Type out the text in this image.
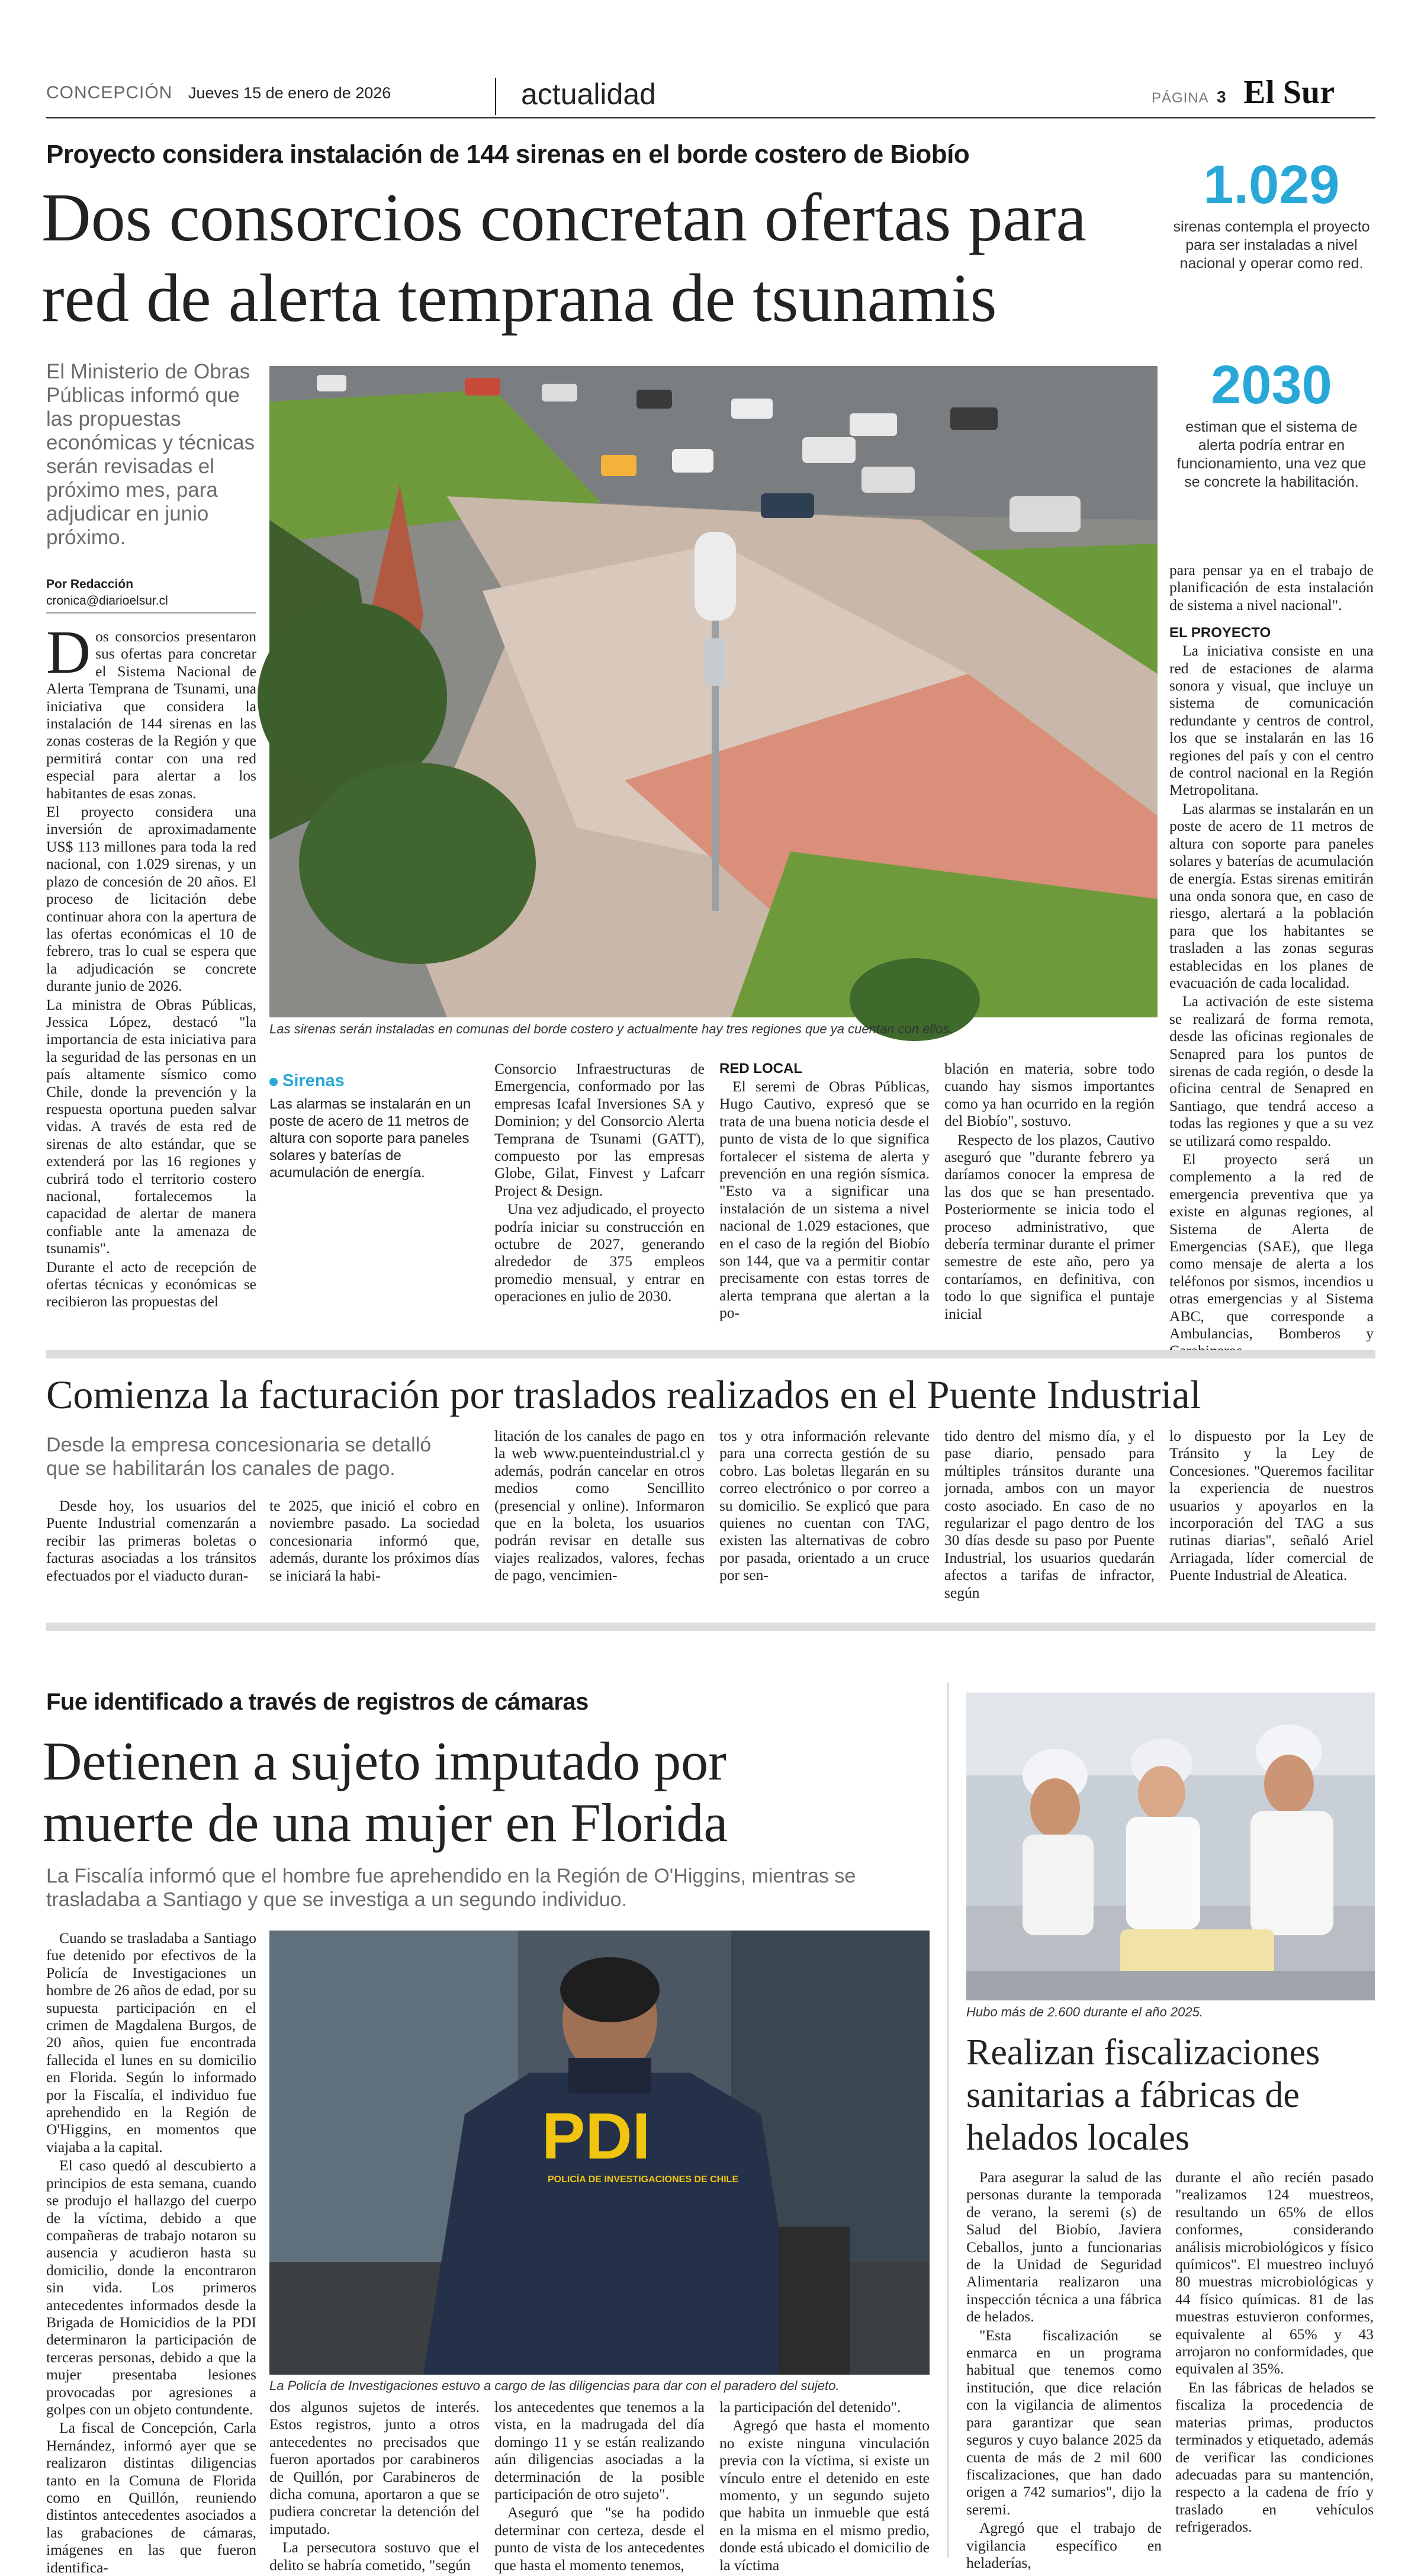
CONCEPCIÓN Jueves 15 de enero de 2026	actualidad	PÁGINA 3 El Sur
Proyecto considera instalación de 144 sirenas en el borde costero de Biobío
Dos consorcios concretan ofertas para
red de alerta temprana de tsunamis
1.029
sirenas contempla el proyecto para ser instaladas a nivel nacional y operar como red.
2030
estiman que el sistema de alerta podría entrar en funcionamiento, una vez que se concrete la habilitación.
El Ministerio de Obras Públicas informó que las propuestas económicas y técnicas serán revisadas el próximo mes, para adjudicar en junio próximo.
Por Redacción
cronica@diarioelsur.cl
Las sirenas serán instaladas en comunas del borde costero y actualmente hay tres regiones que ya cuentan con ellos.

Dos consorcios presentaron sus ofertas para concretar el Sistema Nacional de Alerta Temprana de Tsunami, una iniciativa que considera la instalación de 144 sirenas en las zonas costeras de la Región y que permitirá contar con una red especial para alertar a los habitantes de esas zonas.

El proyecto considera una inversión de aproximadamente US$ 113 millones para toda la red nacional, con 1.029 sirenas, y un plazo de concesión de 20 años. El proceso de licitación debe continuar ahora con la apertura de las ofertas económicas el 10 de febrero, tras lo cual se espera que la adjudicación se concrete durante junio de 2026.

La ministra de Obras Públicas, Jessica López, destacó "la importancia de esta iniciativa para la seguridad de las personas en un país altamente sísmico como Chile, donde la prevención y la respuesta oportuna pueden salvar vidas. A través de esta red de sirenas de alto estándar, que se extenderá por las 16 regiones y cubrirá todo el territorio costero nacional, fortalecemos la capacidad de alertar de manera confiable ante la amenaza de tsunamis".

Durante el acto de recepción de ofertas técnicas y económicas se recibieron las propuestas del

Sirenas
Las alarmas se instalarán en un poste de acero de 11 metros de altura con soporte para paneles solares y baterías de acumulación de energía.

Consorcio Infraestructuras de Emergencia, conformado por las empresas Icafal Inversiones SA y Dominion; y del Consorcio Alerta Temprana de Tsunami (GATT), compuesto por las empresas Globe, Gilat, Finvest y Lafcarr Project & Design.

Una vez adjudicado, el proyecto podría iniciar su construcción en octubre de 2027, generando alrededor de 375 empleos promedio mensual, y entrar en operaciones en julio de 2030.

RED LOCAL

El seremi de Obras Públicas, Hugo Cautivo, expresó que se trata de una buena noticia desde el punto de vista de lo que significa fortalecer el sistema de alerta y prevención en una región sísmica. "Esto va a significar una instalación de un sistema a nivel nacional de 1.029 estaciones, que en el caso de la región del Biobío son 144, que va a permitir contar precisamente con estas torres de alerta temprana que alertan a la po-

blación en materia, sobre todo cuando hay sismos importantes como ya han ocurrido en la región del Biobío", sostuvo.

Respecto de los plazos, Cautivo aseguró que "durante febrero ya daríamos conocer la empresa de las dos que se han presentado. Posteriormente se inicia todo el proceso administrativo, que debería terminar durante el primer semestre de este año, pero ya contaríamos, en definitiva, con todo lo que significa el puntaje inicial

para pensar ya en el trabajo de planificación de esta instalación de sistema a nivel nacional".

EL PROYECTO

La iniciativa consiste en una red de estaciones de alarma sonora y visual, que incluye un sistema de comunicación redundante y centros de control, los que se instalarán en las 16 regiones del país y con el centro de control nacional en la Región Metropolitana.

Las alarmas se instalarán en un poste de acero de 11 metros de altura con soporte para paneles solares y baterías de acumulación de energía. Estas sirenas emitirán una onda sonora que, en caso de riesgo, alertará a la población para que los habitantes se trasladen a las zonas seguras establecidas en los planes de evacuación de cada localidad.

La activación de este sistema se realizará de forma remota, desde las oficinas regionales de Senapred para los puntos de sirenas de cada región, o desde la oficina central de Senapred en Santiago, que tendrá acceso a todas las regiones y que a su vez se utilizará como respaldo.

El proyecto será un complemento a la red de emergencia preventiva que ya existe en algunas regiones, al Sistema de Alerta de Emergencias (SAE), que llega como mensaje de alerta a los teléfonos por sismos, incendios u otras emergencias y al Sistema ABC, que corresponde a Ambulancias, Bomberos y

Comienza la facturación por traslados realizados en el Puente Industrial
Desde la empresa concesionaria se detalló que se habilitarán los canales de pago.
Desde hoy, los usuarios del Puente Industrial comenzarán a recibir las primeras boletas o facturas asociadas a los tránsitos efectuados por el viaducto duran-
te 2025, que inició el cobro en noviembre pasado. La sociedad concesionaria informó que, además, durante los próximos días se iniciará la habi-
litación de los canales de pago en la web www.puenteindustrial.cl y además, podrán cancelar en otros medios como Sencillito (presencial y online). Informaron que en la boleta, los usuarios podrán revisar en detalle sus viajes realizados, valores, fechas de pago, vencimien-
tos y otra información relevante para una correcta gestión de su cobro. Las boletas llegarán en su correo electrónico o por correo a su domicilio. Se explicó que para quienes no cuentan con TAG, existen las alternativas de cobro por pasada, orientado a un cruce por sen-
tido dentro del mismo día, y el pase diario, pensado para múltiples tránsitos durante una jornada, ambos con un mayor costo asociado. En caso de no regularizar el pago dentro de los 30 días desde su paso por Puente Industrial, los usuarios quedarán afectos a tarifas de infractor, según
lo dispuesto por la Ley de Tránsito y la Ley de Concesiones. "Queremos facilitar la experiencia de nuestros usuarios y apoyarlos en la incorporación del TAG a sus rutinas diarias", señaló Ariel Arriagada, líder comercial de Puente Industrial de Aleatica.
Fue identificado a través de registros de cámaras
Detienen a sujeto imputado por
muerte de una mujer en Florida
La Fiscalía informó que el hombre fue aprehendido en la Región de O'Higgins, mientras se trasladaba a Santiago y que se investiga a un segundo individuo.
PDI
POLICÍA DE INVESTIGACIONES DE CHILE
La Policía de Investigaciones estuvo a cargo de las diligencias para dar con el paradero del sujeto.

Cuando se trasladaba a Santiago fue detenido por efectivos de la Policía de Investigaciones un hombre de 26 años de edad, por su supuesta participación en el crimen de Magdalena Burgos, de 20 años, quien fue encontrada fallecida el lunes en su domicilio en Florida. Según lo informado por la Fiscalía, el individuo fue aprehendido en la Región de O'Higgins, en momentos que viajaba a la capital.

El caso quedó al descubierto a principios de esta semana, cuando se produjo el hallazgo del cuerpo de la víctima, debido a que compañeras de trabajo notaron su ausencia y acudieron hasta su domicilio, donde la encontraron sin vida. Los primeros antecedentes informados desde la Brigada de Homicidios de la PDI determinaron la participación de terceras personas, debido a que la mujer presentaba lesiones provocadas por agresiones a golpes con un objeto contundente.

La fiscal de Concepción, Carla Hernández, informó ayer que se realizaron distintas diligencias tanto en la Comuna de Florida como en Quillón, reuniendo distintos antecedentes asociados a las grabaciones de cámaras, imágenes en las que fueron identifica-

dos algunos sujetos de interés. Estos registros, junto a otros antecedentes no precisados que fueron aportados por carabineros de Quillón, por Carabineros de dicha comuna, aportaron a que se pudiera concretar la detención del imputado.

La persecutora sostuvo que el delito se habría cometido, "según

los antecedentes que tenemos a la vista, en la madrugada del día domingo 11 y se están realizando aún diligencias asociadas a la determinación de la posible participación de otro sujeto".

Aseguró que "se ha podido determinar con certeza, desde el punto de vista de los antecedentes que hasta el momento tenemos,

la participación del detenido".

Agregó que hasta el momento no existe ninguna vinculación previa con la víctima, si existe un vínculo entre el detenido en este momento, y un segundo sujeto que habita un inmueble que está en la misma en el mismo predio, donde está ubicado el domicilio de la víctima

Hubo más de 2.600 durante el año 2025.
Realizan fiscalizaciones
sanitarias a fábricas de
helados locales

Para asegurar la salud de las personas durante la temporada de verano, la seremi (s) de Salud del Biobío, Javiera Ceballos, junto a funcionarias de la Unidad de Seguridad Alimentaria realizaron una inspección técnica a una fábrica de helados.

"Esta fiscalización se enmarca en un programa habitual que tenemos como institución, que dice relación con la vigilancia de alimentos para garantizar que sean seguros y cuyo balance 2025 da cuenta de más de 2 mil 600 fiscalizaciones, que han dado origen a 742 sumarios", dijo la seremi.

Agregó que el trabajo de vigilancia específico en heladerías,

durante el año recién pasado "realizamos 124 muestreos, resultando un 65% de ellos conformes, considerando análisis microbiológicos y físico químicos". El muestreo incluyó 80 muestras microbiológicas y 44 físico químicas. 81 de las muestras estuvieron conformes, equivalente al 65% y 43 arrojaron no conformidades, que equivalen al 35%.

En las fábricas de helados se fiscaliza la procedencia de materias primas, productos terminados y etiquetado, además de verificar las condiciones adecuadas para su mantención, respecto a la cadena de frío y traslado en vehículos refrigerados.
